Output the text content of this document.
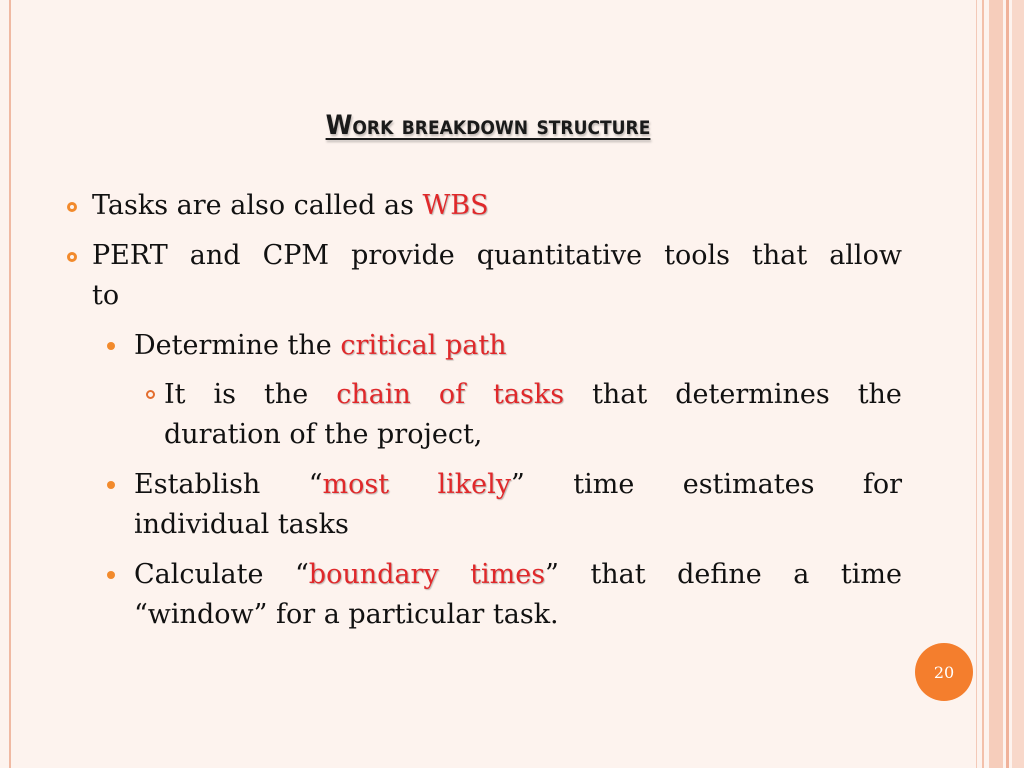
Work breakdown structure
Tasks are also called as WBS
PERT and CPM provide quantitative tools that allow
to
Determine the critical path
It is the chain of tasks that determines the
duration of the project,
Establish “most likely” time estimates for
individual tasks
Calculate “boundary times” that define a time
“window” for a particular task.
20
